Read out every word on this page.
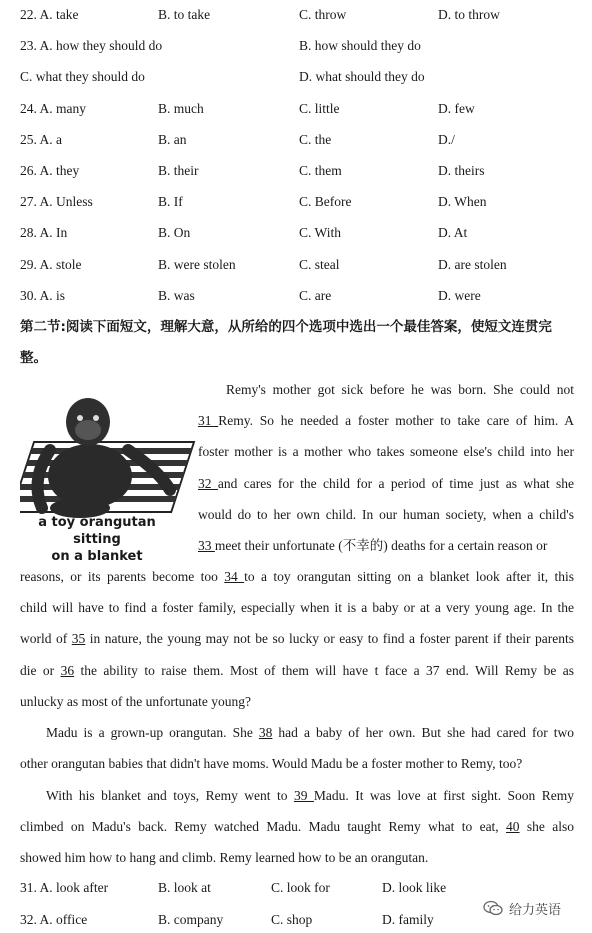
22. A. take	B. to take	C. throw	D. to throw
23. A. how they should do	B. how should they do
C. what they should do	D. what should they do
24. A. many	B. much	C. little	D. few
25. A. a	B. an	C. the	D./
26. A. they	B. their	C. them	D. theirs
27. A. Unless	B. If	C. Before	D. When
28. A. In	B. On	C. With	D. At
29. A. stole	B. were stolen	C. steal	D. are stolen
30. A. is	B. was	C. are	D. were
第二节:阅读下面短文，理解大意，从所给的四个选项中选出一个最佳答案，使短文连贯完
整。
a toy orangutan sitting
on a blanket
Remy's mother got sick before he was born. She could not
31 Remy. So he needed a foster mother to take care of him. A
foster mother is a mother who takes someone else's child into her
32 and cares for the child for a period of time just as what she
would do to her own child. In our human society, when a child's
33 meet their unfortunate (不幸的) deaths for a certain reason or
reasons, or its parents become too 34 to a toy orangutan sitting on a blanket look after it, this
child will have to find a foster family, especially when it is a baby or at a very young age. In the
world of 35 in nature, the young may not be so lucky or easy to find a foster parent if their parents
die or 36 the ability to raise them. Most of them will have t face a 37 end. Will Remy be as
unlucky as most of the unfortunate young?
Madu is a grown-up orangutan. She 38 had a baby of her own. But she had cared for two
other orangutan babies that didn't have moms. Would Madu be a foster mother to Remy, too?
With his blanket and toys, Remy went to 39 Madu. It was love at first sight. Soon Remy
climbed on Madu's back. Remy watched Madu. Madu taught Remy what to eat, 40 she also
showed him how to hang and climb. Remy learned how to be an orangutan.
31. A. look after	B. look at	C. look for	D. look like
32. A. office	B. company	C. shop	D. family
给力英语
